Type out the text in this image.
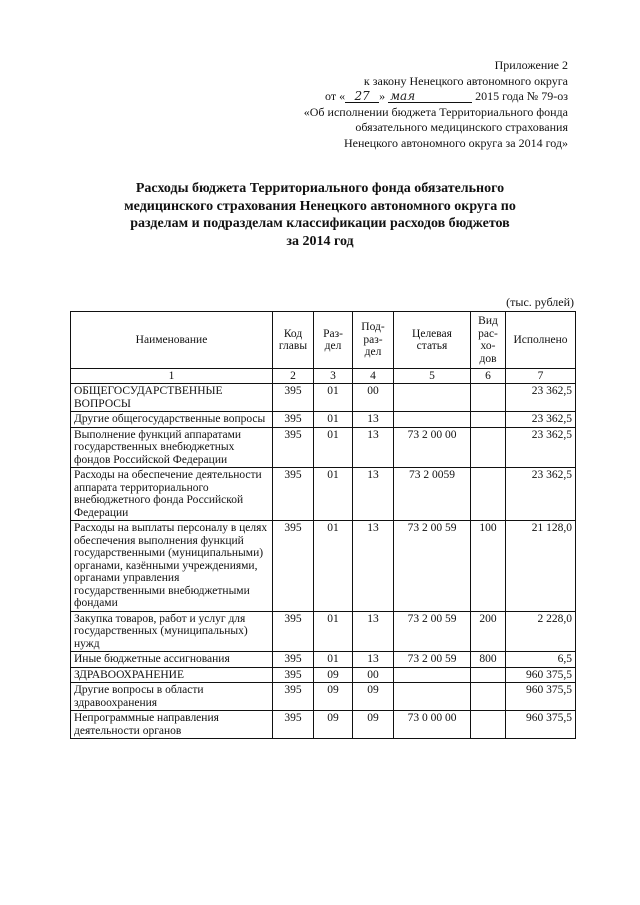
Приложение 2
к закону Ненецкого автономного округа
от « 27 » мая	2015 года № 79-оз
«Об исполнении бюджета Территориального фонда
обязательного медицинского страхования
Ненецкого автономного округа за 2014 год»
Расходы бюджета Территориального фонда обязательного
медицинского страхования Ненецкого автономного округа по
разделам и подразделам классификации расходов бюджетов
за 2014 год
(тыс. рублей)
Наименование	Код главы	Раз-дел	Под-раз-дел	Целевая статья	Вид рас-хо-дов	Исполнено
1	2	3	4	5	6	7
ОБЩЕГОСУДАРСТВЕННЫЕ ВОПРОСЫ	395	01	00			23 362,5
Другие общегосударственные вопросы	395	01	13			23 362,5
Выполнение функций аппаратами государственных внебюджетных фондов Российской Федерации	395	01	13	73 2 00 00		23 362,5
Расходы на обеспечение деятельности аппарата территориального внебюджетного фонда Российской Федерации	395	01	13	73 2 0059		23 362,5
Расходы на выплаты персоналу в целях обеспечения выполнения функций государственными (муниципальными) органами, казёнными учреждениями, органами управления государственными внебюджетными фондами	395	01	13	73 2 00 59	100	21 128,0
Закупка товаров, работ и услуг для государственных (муниципальных) нужд	395	01	13	73 2 00 59	200	2 228,0
Иные бюджетные ассигнования	395	01	13	73 2 00 59	800	6,5
ЗДРАВООХРАНЕНИЕ	395	09	00			960 375,5
Другие вопросы в области здравоохранения	395	09	09			960 375,5
Непрограммные направления деятельности органов	395	09	09	73 0 00 00		960 375,5
